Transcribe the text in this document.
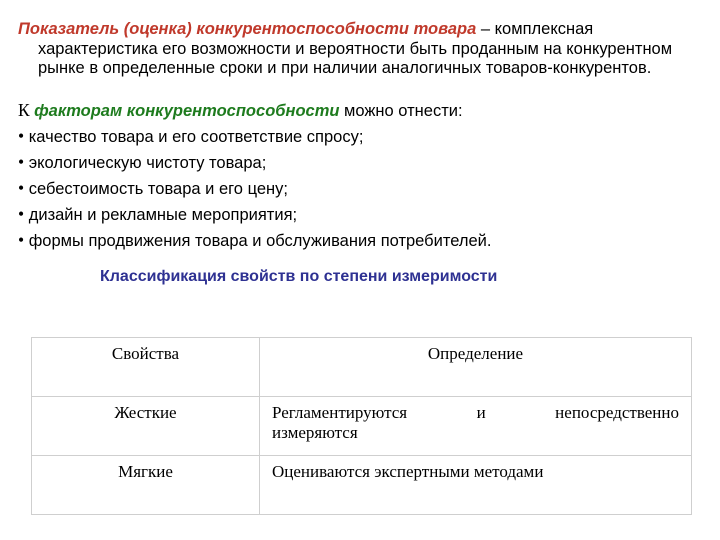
Показатель (оценка) конкурентоспособности товара – комплексная характеристика его возможности и вероятности быть проданным на конкурентном рынке в определенные сроки и при наличии аналогичных товаров-конкурентов.
К факторам конкурентоспособности можно отнести:
• качество товара и его соответствие спросу;
• экологическую чистоту товара;
• себестоимость товара и его цену;
• дизайн и рекламные мероприятия;
• формы продвижения товара и обслуживания потребителей.
Классификация свойств по степени измеримости
Свойства	Определение
Жесткие	Регламентируются и непосредственно
измеряются
Мягкие	Оцениваются экспертными методами
